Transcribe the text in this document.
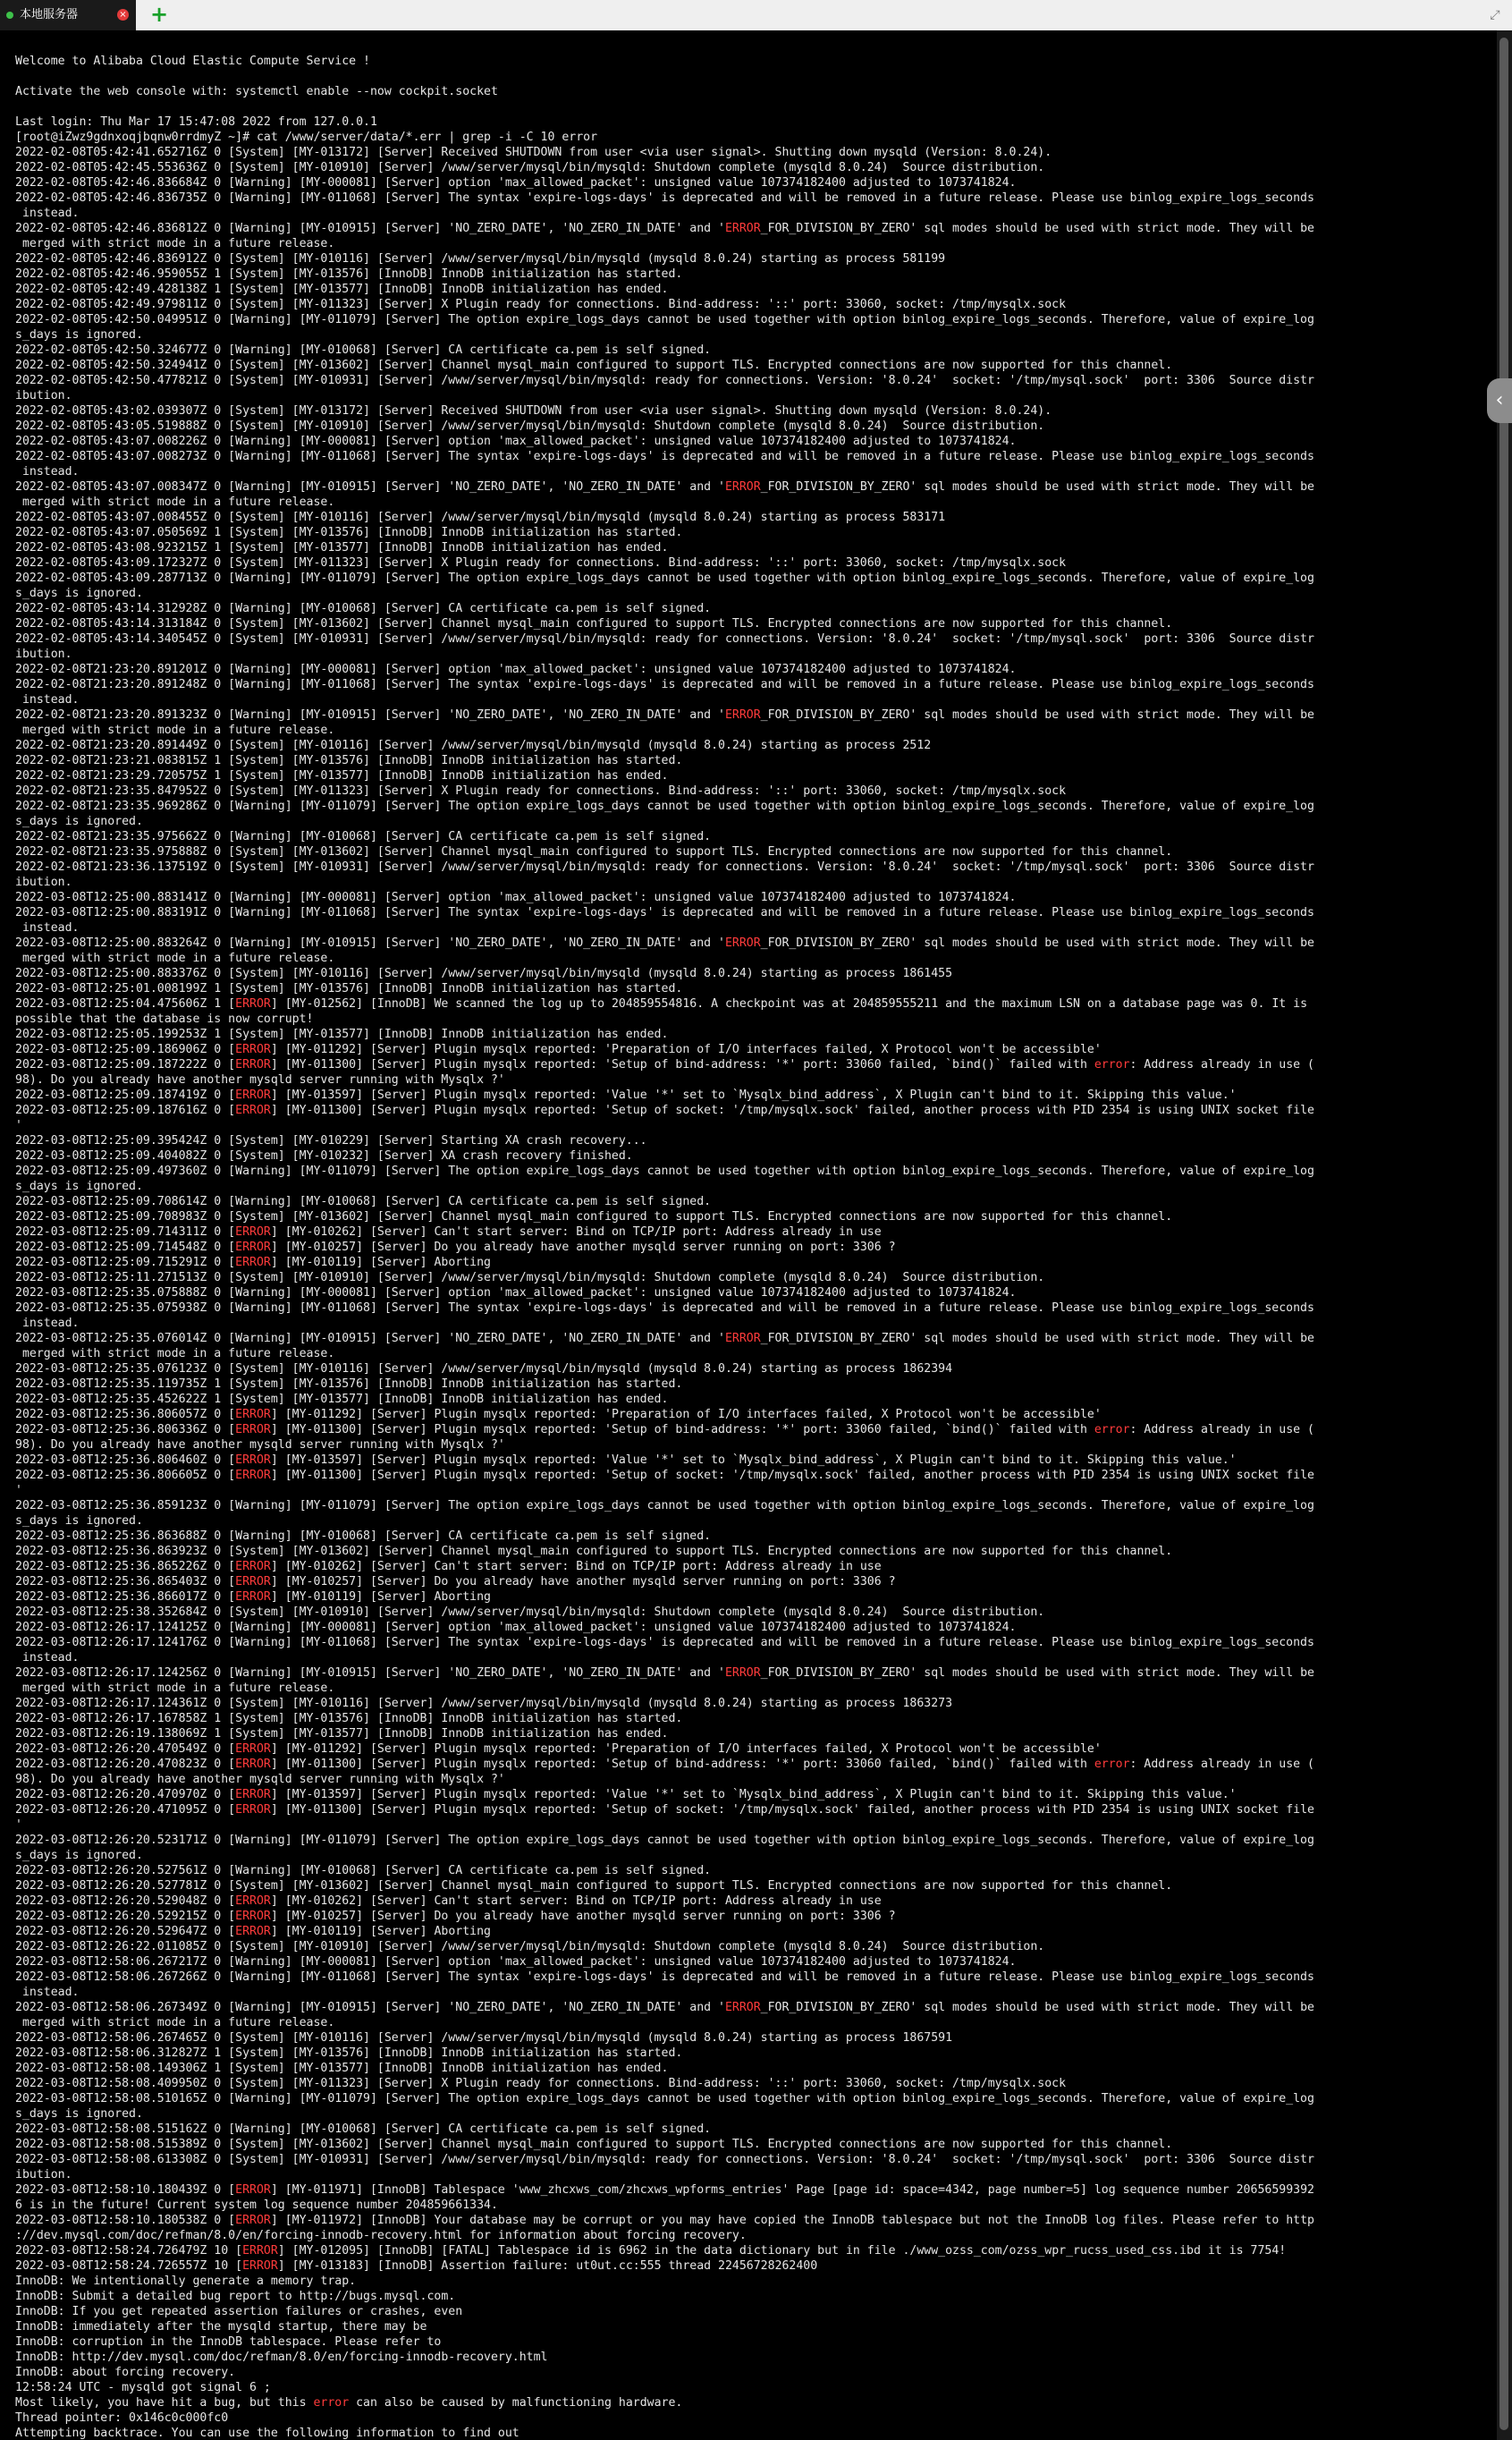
本地服务器	× +	⤢
Welcome to Alibaba Cloud Elastic Compute Service !

Activate the web console with: systemctl enable --now cockpit.socket

Last login: Thu Mar 17 15:47:08 2022 from 127.0.0.1
[root@iZwz9gdnxoqjbqnw0rrdmyZ ~]# cat /www/server/data/*.err | grep -i -C 10 error
2022-02-08T05:42:41.652716Z 0 [System] [MY-013172] [Server] Received SHUTDOWN from user <via user signal>. Shutting down mysqld (Version: 8.0.24).
2022-02-08T05:42:45.553636Z 0 [System] [MY-010910] [Server] /www/server/mysql/bin/mysqld: Shutdown complete (mysqld 8.0.24)  Source distribution.
2022-02-08T05:42:46.836684Z 0 [Warning] [MY-000081] [Server] option 'max_allowed_packet': unsigned value 107374182400 adjusted to 1073741824.
2022-02-08T05:42:46.836735Z 0 [Warning] [MY-011068] [Server] The syntax 'expire-logs-days' is deprecated and will be removed in a future release. Please use binlog_expire_logs_seconds
instead.
2022-02-08T05:42:46.836812Z 0 [Warning] [MY-010915] [Server] 'NO_ZERO_DATE', 'NO_ZERO_IN_DATE' and 'ERROR_FOR_DIVISION_BY_ZERO' sql modes should be used with strict mode. They will be
merged with strict mode in a future release.
2022-02-08T05:42:46.836912Z 0 [System] [MY-010116] [Server] /www/server/mysql/bin/mysqld (mysqld 8.0.24) starting as process 581199
2022-02-08T05:42:46.959055Z 1 [System] [MY-013576] [InnoDB] InnoDB initialization has started.
2022-02-08T05:42:49.428138Z 1 [System] [MY-013577] [InnoDB] InnoDB initialization has ended.
2022-02-08T05:42:49.979811Z 0 [System] [MY-011323] [Server] X Plugin ready for connections. Bind-address: '::' port: 33060, socket: /tmp/mysqlx.sock
2022-02-08T05:42:50.049951Z 0 [Warning] [MY-011079] [Server] The option expire_logs_days cannot be used together with option binlog_expire_logs_seconds. Therefore, value of expire_log
s_days is ignored.
2022-02-08T05:42:50.324677Z 0 [Warning] [MY-010068] [Server] CA certificate ca.pem is self signed.
2022-02-08T05:42:50.324941Z 0 [System] [MY-013602] [Server] Channel mysql_main configured to support TLS. Encrypted connections are now supported for this channel.
2022-02-08T05:42:50.477821Z 0 [System] [MY-010931] [Server] /www/server/mysql/bin/mysqld: ready for connections. Version: '8.0.24'  socket: '/tmp/mysql.sock'  port: 3306  Source distr
ibution.
2022-02-08T05:43:02.039307Z 0 [System] [MY-013172] [Server] Received SHUTDOWN from user <via user signal>. Shutting down mysqld (Version: 8.0.24).
2022-02-08T05:43:05.519888Z 0 [System] [MY-010910] [Server] /www/server/mysql/bin/mysqld: Shutdown complete (mysqld 8.0.24)  Source distribution.
2022-02-08T05:43:07.008226Z 0 [Warning] [MY-000081] [Server] option 'max_allowed_packet': unsigned value 107374182400 adjusted to 1073741824.
2022-02-08T05:43:07.008273Z 0 [Warning] [MY-011068] [Server] The syntax 'expire-logs-days' is deprecated and will be removed in a future release. Please use binlog_expire_logs_seconds
instead.
2022-02-08T05:43:07.008347Z 0 [Warning] [MY-010915] [Server] 'NO_ZERO_DATE', 'NO_ZERO_IN_DATE' and 'ERROR_FOR_DIVISION_BY_ZERO' sql modes should be used with strict mode. They will be
merged with strict mode in a future release.
2022-02-08T05:43:07.008455Z 0 [System] [MY-010116] [Server] /www/server/mysql/bin/mysqld (mysqld 8.0.24) starting as process 583171
2022-02-08T05:43:07.050569Z 1 [System] [MY-013576] [InnoDB] InnoDB initialization has started.
2022-02-08T05:43:08.923215Z 1 [System] [MY-013577] [InnoDB] InnoDB initialization has ended.
2022-02-08T05:43:09.172327Z 0 [System] [MY-011323] [Server] X Plugin ready for connections. Bind-address: '::' port: 33060, socket: /tmp/mysqlx.sock
2022-02-08T05:43:09.287713Z 0 [Warning] [MY-011079] [Server] The option expire_logs_days cannot be used together with option binlog_expire_logs_seconds. Therefore, value of expire_log
s_days is ignored.
2022-02-08T05:43:14.312928Z 0 [Warning] [MY-010068] [Server] CA certificate ca.pem is self signed.
2022-02-08T05:43:14.313184Z 0 [System] [MY-013602] [Server] Channel mysql_main configured to support TLS. Encrypted connections are now supported for this channel.
2022-02-08T05:43:14.340545Z 0 [System] [MY-010931] [Server] /www/server/mysql/bin/mysqld: ready for connections. Version: '8.0.24'  socket: '/tmp/mysql.sock'  port: 3306  Source distr
ibution.
2022-02-08T21:23:20.891201Z 0 [Warning] [MY-000081] [Server] option 'max_allowed_packet': unsigned value 107374182400 adjusted to 1073741824.
2022-02-08T21:23:20.891248Z 0 [Warning] [MY-011068] [Server] The syntax 'expire-logs-days' is deprecated and will be removed in a future release. Please use binlog_expire_logs_seconds
instead.
2022-02-08T21:23:20.891323Z 0 [Warning] [MY-010915] [Server] 'NO_ZERO_DATE', 'NO_ZERO_IN_DATE' and 'ERROR_FOR_DIVISION_BY_ZERO' sql modes should be used with strict mode. They will be
merged with strict mode in a future release.
2022-02-08T21:23:20.891449Z 0 [System] [MY-010116] [Server] /www/server/mysql/bin/mysqld (mysqld 8.0.24) starting as process 2512
2022-02-08T21:23:21.083815Z 1 [System] [MY-013576] [InnoDB] InnoDB initialization has started.
2022-02-08T21:23:29.720575Z 1 [System] [MY-013577] [InnoDB] InnoDB initialization has ended.
2022-02-08T21:23:35.847952Z 0 [System] [MY-011323] [Server] X Plugin ready for connections. Bind-address: '::' port: 33060, socket: /tmp/mysqlx.sock
2022-02-08T21:23:35.969286Z 0 [Warning] [MY-011079] [Server] The option expire_logs_days cannot be used together with option binlog_expire_logs_seconds. Therefore, value of expire_log
s_days is ignored.
2022-02-08T21:23:35.975662Z 0 [Warning] [MY-010068] [Server] CA certificate ca.pem is self signed.
2022-02-08T21:23:35.975888Z 0 [System] [MY-013602] [Server] Channel mysql_main configured to support TLS. Encrypted connections are now supported for this channel.
2022-02-08T21:23:36.137519Z 0 [System] [MY-010931] [Server] /www/server/mysql/bin/mysqld: ready for connections. Version: '8.0.24'  socket: '/tmp/mysql.sock'  port: 3306  Source distr
ibution.
2022-03-08T12:25:00.883141Z 0 [Warning] [MY-000081] [Server] option 'max_allowed_packet': unsigned value 107374182400 adjusted to 1073741824.
2022-03-08T12:25:00.883191Z 0 [Warning] [MY-011068] [Server] The syntax 'expire-logs-days' is deprecated and will be removed in a future release. Please use binlog_expire_logs_seconds
instead.
2022-03-08T12:25:00.883264Z 0 [Warning] [MY-010915] [Server] 'NO_ZERO_DATE', 'NO_ZERO_IN_DATE' and 'ERROR_FOR_DIVISION_BY_ZERO' sql modes should be used with strict mode. They will be
merged with strict mode in a future release.
2022-03-08T12:25:00.883376Z 0 [System] [MY-010116] [Server] /www/server/mysql/bin/mysqld (mysqld 8.0.24) starting as process 1861455
2022-03-08T12:25:01.008199Z 1 [System] [MY-013576] [InnoDB] InnoDB initialization has started.
2022-03-08T12:25:04.475606Z 1 [ERROR] [MY-012562] [InnoDB] We scanned the log up to 204859554816. A checkpoint was at 204859555211 and the maximum LSN on a database page was 0. It is
possible that the database is now corrupt!
2022-03-08T12:25:05.199253Z 1 [System] [MY-013577] [InnoDB] InnoDB initialization has ended.
2022-03-08T12:25:09.186906Z 0 [ERROR] [MY-011292] [Server] Plugin mysqlx reported: 'Preparation of I/O interfaces failed, X Protocol won't be accessible'
2022-03-08T12:25:09.187222Z 0 [ERROR] [MY-011300] [Server] Plugin mysqlx reported: 'Setup of bind-address: '*' port: 33060 failed, `bind()` failed with error: Address already in use (
98). Do you already have another mysqld server running with Mysqlx ?'
2022-03-08T12:25:09.187419Z 0 [ERROR] [MY-013597] [Server] Plugin mysqlx reported: 'Value '*' set to `Mysqlx_bind_address`, X Plugin can't bind to it. Skipping this value.'
2022-03-08T12:25:09.187616Z 0 [ERROR] [MY-011300] [Server] Plugin mysqlx reported: 'Setup of socket: '/tmp/mysqlx.sock' failed, another process with PID 2354 is using UNIX socket file
'
2022-03-08T12:25:09.395424Z 0 [System] [MY-010229] [Server] Starting XA crash recovery...
2022-03-08T12:25:09.404082Z 0 [System] [MY-010232] [Server] XA crash recovery finished.
2022-03-08T12:25:09.497360Z 0 [Warning] [MY-011079] [Server] The option expire_logs_days cannot be used together with option binlog_expire_logs_seconds. Therefore, value of expire_log
s_days is ignored.
2022-03-08T12:25:09.708614Z 0 [Warning] [MY-010068] [Server] CA certificate ca.pem is self signed.
2022-03-08T12:25:09.708983Z 0 [System] [MY-013602] [Server] Channel mysql_main configured to support TLS. Encrypted connections are now supported for this channel.
2022-03-08T12:25:09.714311Z 0 [ERROR] [MY-010262] [Server] Can't start server: Bind on TCP/IP port: Address already in use
2022-03-08T12:25:09.714548Z 0 [ERROR] [MY-010257] [Server] Do you already have another mysqld server running on port: 3306 ?
2022-03-08T12:25:09.715291Z 0 [ERROR] [MY-010119] [Server] Aborting
2022-03-08T12:25:11.271513Z 0 [System] [MY-010910] [Server] /www/server/mysql/bin/mysqld: Shutdown complete (mysqld 8.0.24)  Source distribution.
2022-03-08T12:25:35.075888Z 0 [Warning] [MY-000081] [Server] option 'max_allowed_packet': unsigned value 107374182400 adjusted to 1073741824.
2022-03-08T12:25:35.075938Z 0 [Warning] [MY-011068] [Server] The syntax 'expire-logs-days' is deprecated and will be removed in a future release. Please use binlog_expire_logs_seconds
instead.
2022-03-08T12:25:35.076014Z 0 [Warning] [MY-010915] [Server] 'NO_ZERO_DATE', 'NO_ZERO_IN_DATE' and 'ERROR_FOR_DIVISION_BY_ZERO' sql modes should be used with strict mode. They will be
merged with strict mode in a future release.
2022-03-08T12:25:35.076123Z 0 [System] [MY-010116] [Server] /www/server/mysql/bin/mysqld (mysqld 8.0.24) starting as process 1862394
2022-03-08T12:25:35.119735Z 1 [System] [MY-013576] [InnoDB] InnoDB initialization has started.
2022-03-08T12:25:35.452622Z 1 [System] [MY-013577] [InnoDB] InnoDB initialization has ended.
2022-03-08T12:25:36.806057Z 0 [ERROR] [MY-011292] [Server] Plugin mysqlx reported: 'Preparation of I/O interfaces failed, X Protocol won't be accessible'
2022-03-08T12:25:36.806336Z 0 [ERROR] [MY-011300] [Server] Plugin mysqlx reported: 'Setup of bind-address: '*' port: 33060 failed, `bind()` failed with error: Address already in use (
98). Do you already have another mysqld server running with Mysqlx ?'
2022-03-08T12:25:36.806460Z 0 [ERROR] [MY-013597] [Server] Plugin mysqlx reported: 'Value '*' set to `Mysqlx_bind_address`, X Plugin can't bind to it. Skipping this value.'
2022-03-08T12:25:36.806605Z 0 [ERROR] [MY-011300] [Server] Plugin mysqlx reported: 'Setup of socket: '/tmp/mysqlx.sock' failed, another process with PID 2354 is using UNIX socket file
'
2022-03-08T12:25:36.859123Z 0 [Warning] [MY-011079] [Server] The option expire_logs_days cannot be used together with option binlog_expire_logs_seconds. Therefore, value of expire_log
s_days is ignored.
2022-03-08T12:25:36.863688Z 0 [Warning] [MY-010068] [Server] CA certificate ca.pem is self signed.
2022-03-08T12:25:36.863923Z 0 [System] [MY-013602] [Server] Channel mysql_main configured to support TLS. Encrypted connections are now supported for this channel.
2022-03-08T12:25:36.865226Z 0 [ERROR] [MY-010262] [Server] Can't start server: Bind on TCP/IP port: Address already in use
2022-03-08T12:25:36.865403Z 0 [ERROR] [MY-010257] [Server] Do you already have another mysqld server running on port: 3306 ?
2022-03-08T12:25:36.866017Z 0 [ERROR] [MY-010119] [Server] Aborting
2022-03-08T12:25:38.352684Z 0 [System] [MY-010910] [Server] /www/server/mysql/bin/mysqld: Shutdown complete (mysqld 8.0.24)  Source distribution.
2022-03-08T12:26:17.124125Z 0 [Warning] [MY-000081] [Server] option 'max_allowed_packet': unsigned value 107374182400 adjusted to 1073741824.
2022-03-08T12:26:17.124176Z 0 [Warning] [MY-011068] [Server] The syntax 'expire-logs-days' is deprecated and will be removed in a future release. Please use binlog_expire_logs_seconds
instead.
2022-03-08T12:26:17.124256Z 0 [Warning] [MY-010915] [Server] 'NO_ZERO_DATE', 'NO_ZERO_IN_DATE' and 'ERROR_FOR_DIVISION_BY_ZERO' sql modes should be used with strict mode. They will be
merged with strict mode in a future release.
2022-03-08T12:26:17.124361Z 0 [System] [MY-010116] [Server] /www/server/mysql/bin/mysqld (mysqld 8.0.24) starting as process 1863273
2022-03-08T12:26:17.167858Z 1 [System] [MY-013576] [InnoDB] InnoDB initialization has started.
2022-03-08T12:26:19.138069Z 1 [System] [MY-013577] [InnoDB] InnoDB initialization has ended.
2022-03-08T12:26:20.470549Z 0 [ERROR] [MY-011292] [Server] Plugin mysqlx reported: 'Preparation of I/O interfaces failed, X Protocol won't be accessible'
2022-03-08T12:26:20.470823Z 0 [ERROR] [MY-011300] [Server] Plugin mysqlx reported: 'Setup of bind-address: '*' port: 33060 failed, `bind()` failed with error: Address already in use (
98). Do you already have another mysqld server running with Mysqlx ?'
2022-03-08T12:26:20.470970Z 0 [ERROR] [MY-013597] [Server] Plugin mysqlx reported: 'Value '*' set to `Mysqlx_bind_address`, X Plugin can't bind to it. Skipping this value.'
2022-03-08T12:26:20.471095Z 0 [ERROR] [MY-011300] [Server] Plugin mysqlx reported: 'Setup of socket: '/tmp/mysqlx.sock' failed, another process with PID 2354 is using UNIX socket file
'
2022-03-08T12:26:20.523171Z 0 [Warning] [MY-011079] [Server] The option expire_logs_days cannot be used together with option binlog_expire_logs_seconds. Therefore, value of expire_log
s_days is ignored.
2022-03-08T12:26:20.527561Z 0 [Warning] [MY-010068] [Server] CA certificate ca.pem is self signed.
2022-03-08T12:26:20.527781Z 0 [System] [MY-013602] [Server] Channel mysql_main configured to support TLS. Encrypted connections are now supported for this channel.
2022-03-08T12:26:20.529048Z 0 [ERROR] [MY-010262] [Server] Can't start server: Bind on TCP/IP port: Address already in use
2022-03-08T12:26:20.529215Z 0 [ERROR] [MY-010257] [Server] Do you already have another mysqld server running on port: 3306 ?
2022-03-08T12:26:20.529647Z 0 [ERROR] [MY-010119] [Server] Aborting
2022-03-08T12:26:22.011085Z 0 [System] [MY-010910] [Server] /www/server/mysql/bin/mysqld: Shutdown complete (mysqld 8.0.24)  Source distribution.
2022-03-08T12:58:06.267217Z 0 [Warning] [MY-000081] [Server] option 'max_allowed_packet': unsigned value 107374182400 adjusted to 1073741824.
2022-03-08T12:58:06.267266Z 0 [Warning] [MY-011068] [Server] The syntax 'expire-logs-days' is deprecated and will be removed in a future release. Please use binlog_expire_logs_seconds
instead.
2022-03-08T12:58:06.267349Z 0 [Warning] [MY-010915] [Server] 'NO_ZERO_DATE', 'NO_ZERO_IN_DATE' and 'ERROR_FOR_DIVISION_BY_ZERO' sql modes should be used with strict mode. They will be
merged with strict mode in a future release.
2022-03-08T12:58:06.267465Z 0 [System] [MY-010116] [Server] /www/server/mysql/bin/mysqld (mysqld 8.0.24) starting as process 1867591
2022-03-08T12:58:06.312827Z 1 [System] [MY-013576] [InnoDB] InnoDB initialization has started.
2022-03-08T12:58:08.149306Z 1 [System] [MY-013577] [InnoDB] InnoDB initialization has ended.
2022-03-08T12:58:08.409950Z 0 [System] [MY-011323] [Server] X Plugin ready for connections. Bind-address: '::' port: 33060, socket: /tmp/mysqlx.sock
2022-03-08T12:58:08.510165Z 0 [Warning] [MY-011079] [Server] The option expire_logs_days cannot be used together with option binlog_expire_logs_seconds. Therefore, value of expire_log
s_days is ignored.
2022-03-08T12:58:08.515162Z 0 [Warning] [MY-010068] [Server] CA certificate ca.pem is self signed.
2022-03-08T12:58:08.515389Z 0 [System] [MY-013602] [Server] Channel mysql_main configured to support TLS. Encrypted connections are now supported for this channel.
2022-03-08T12:58:08.613308Z 0 [System] [MY-010931] [Server] /www/server/mysql/bin/mysqld: ready for connections. Version: '8.0.24'  socket: '/tmp/mysql.sock'  port: 3306  Source distr
ibution.
2022-03-08T12:58:10.180439Z 0 [ERROR] [MY-011971] [InnoDB] Tablespace 'www_zhcxws_com/zhcxws_wpforms_entries' Page [page id: space=4342, page number=5] log sequence number 20656599392
6 is in the future! Current system log sequence number 204859661334.
2022-03-08T12:58:10.180538Z 0 [ERROR] [MY-011972] [InnoDB] Your database may be corrupt or you may have copied the InnoDB tablespace but not the InnoDB log files. Please refer to http
://dev.mysql.com/doc/refman/8.0/en/forcing-innodb-recovery.html for information about forcing recovery.
2022-03-08T12:58:24.726479Z 10 [ERROR] [MY-012095] [InnoDB] [FATAL] Tablespace id is 6962 in the data dictionary but in file ./www_ozss_com/ozss_wpr_rucss_used_css.ibd it is 7754!
2022-03-08T12:58:24.726557Z 10 [ERROR] [MY-013183] [InnoDB] Assertion failure: ut0ut.cc:555 thread 22456728262400
InnoDB: We intentionally generate a memory trap.
InnoDB: Submit a detailed bug report to http://bugs.mysql.com.
InnoDB: If you get repeated assertion failures or crashes, even
InnoDB: immediately after the mysqld startup, there may be
InnoDB: corruption in the InnoDB tablespace. Please refer to
InnoDB: http://dev.mysql.com/doc/refman/8.0/en/forcing-innodb-recovery.html
InnoDB: about forcing recovery.
12:58:24 UTC - mysqld got signal 6 ;
Most likely, you have hit a bug, but this error can also be caused by malfunctioning hardware.
Thread pointer: 0x146c0c000fc0
Attempting backtrace. You can use the following information to find out
‹
